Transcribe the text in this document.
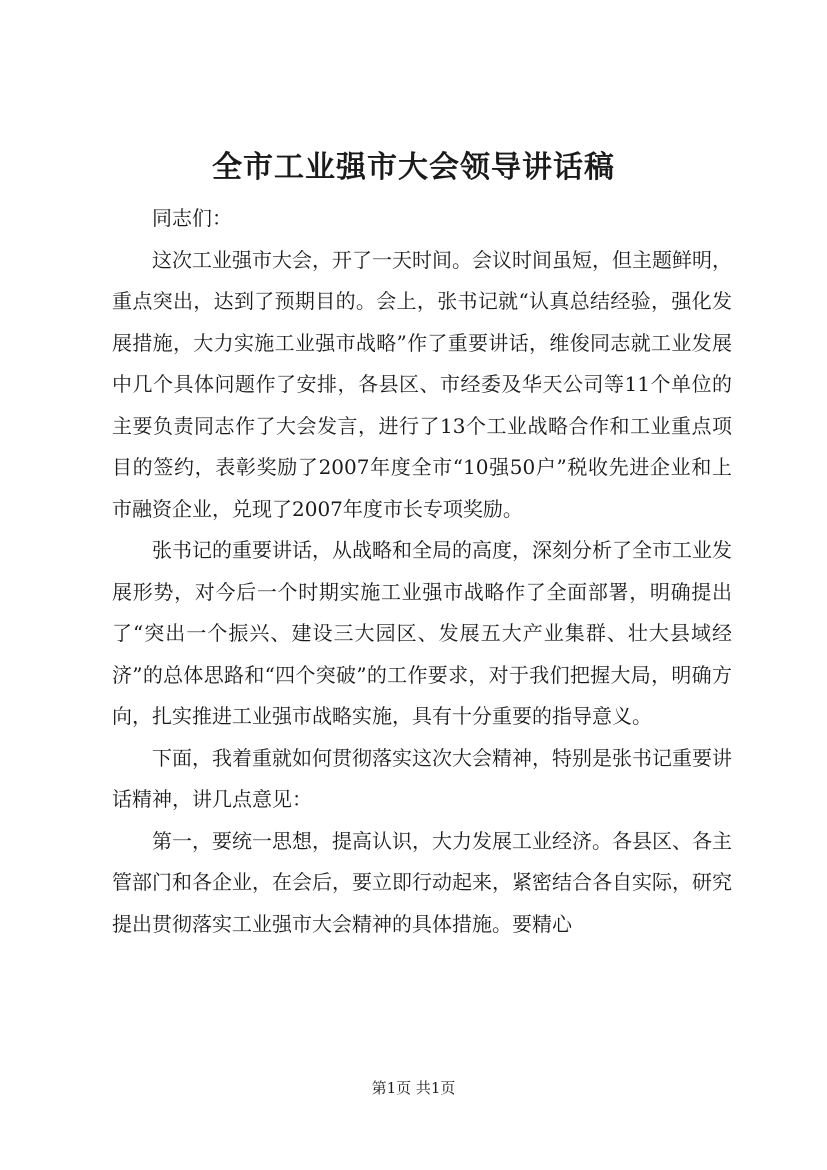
全市工业强市大会领导讲话稿

同志们：

这次工业强市大会，开了一天时间。会议时间虽短，但主题鲜明，重点突出，达到了预期目的。会上，张书记就“认真总结经验，强化发展措施，大力实施工业强市战略”作了重要讲话，维俊同志就工业发展中几个具体问题作了安排，各县区、市经委及华天公司等11个单位的主要负责同志作了大会发言，进行了13个工业战略合作和工业重点项目的签约，表彰奖励了2007年度全市“10强50户”税收先进企业和上市融资企业，兑现了2007年度市长专项奖励。

张书记的重要讲话，从战略和全局的高度，深刻分析了全市工业发展形势，对今后一个时期实施工业强市战略作了全面部署，明确提出了“突出一个振兴、建设三大园区、发展五大产业集群、壮大县域经济”的总体思路和“四个突破”的工作要求，对于我们把握大局，明确方向，扎实推进工业强市战略实施，具有十分重要的指导意义。

下面，我着重就如何贯彻落实这次大会精神，特别是张书记重要讲话精神，讲几点意见：

第一，要统一思想，提高认识，大力发展工业经济。各县区、各主管部门和各企业，在会后，要立即行动起来，紧密结合各自实际，研究提出贯彻落实工业强市大会精神的具体措施。要精心

第1页 共1页
